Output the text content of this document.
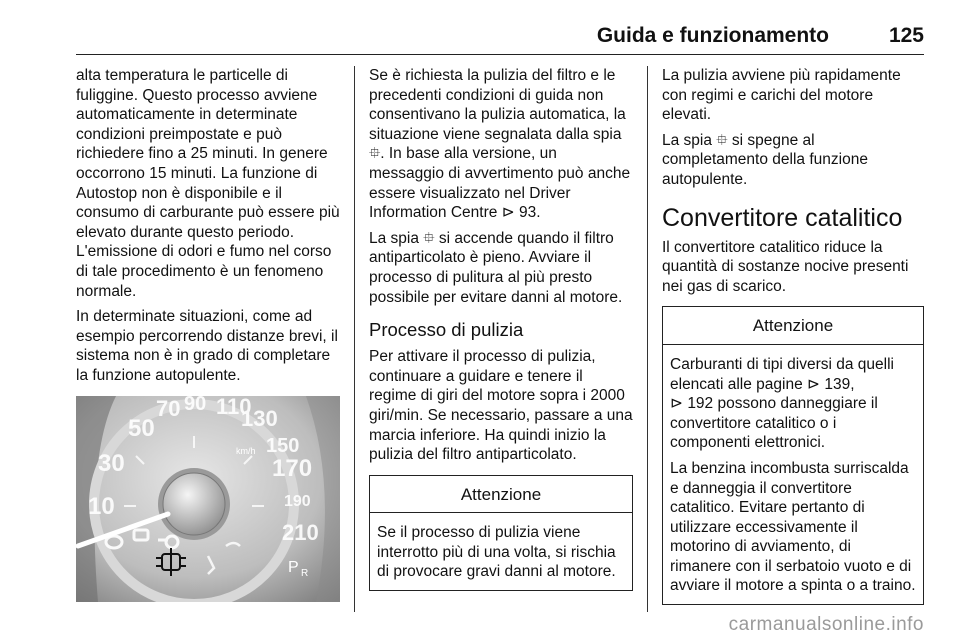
Guida e funzionamento	125

alta temperatura le particelle di fuliggine. Questo processo avviene automaticamente in determinate condizioni preimpostate e può richiedere fino a 25 minuti. In genere occorrono 15 minuti. La funzione di Autostop non è disponibile e il consumo di carburante può essere più elevato durante questo periodo. L'emissione di odori e fumo nel corso di tale procedimento è un fenomeno normale.

In determinate situazioni, come ad esempio percorrendo distanze brevi, il sistema non è in grado di completare la funzione autopulente.

10
30
50
70 90 110
130
150
170
190
210
km/h
P R

Se è richiesta la pulizia del filtro e le precedenti condizioni di guida non consentivano la pulizia automatica, la situazione viene segnalata dalla spia ⯐. In base alla versione, un messaggio di avvertimento può anche essere visualizzato nel Driver Information Centre ⊳ 93.

La spia ⯐ si accende quando il filtro antiparticolato è pieno. Avviare il processo di pulitura al più presto possibile per evitare danni al motore.

Processo di pulizia

Per attivare il processo di pulizia, continuare a guidare e tenere il regime di giri del motore sopra i 2000 giri/min. Se necessario, passare a una marcia inferiore. Ha quindi inizio la pulizia del filtro antiparticolato.

Attenzione

Se il processo di pulizia viene interrotto più di una volta, si rischia di provocare gravi danni al motore.

La pulizia avviene più rapidamente con regimi e carichi del motore elevati.

La spia ⯐ si spegne al completamento della funzione autopulente.

Convertitore catalitico

Il convertitore catalitico riduce la quantità di sostanze nocive presenti nei gas di scarico.

Attenzione

Carburanti di tipi diversi da quelli elencati alle pagine ⊳ 139,
⊳ 192 possono danneggiare il convertitore catalitico o i componenti elettronici.

La benzina incombusta surriscalda e danneggia il convertitore catalitico. Evitare pertanto di utilizzare eccessivamente il motorino di avviamento, di rimanere con il serbatoio vuoto e di avviare il motore a spinta o a traino.

carmanualsonline.info
